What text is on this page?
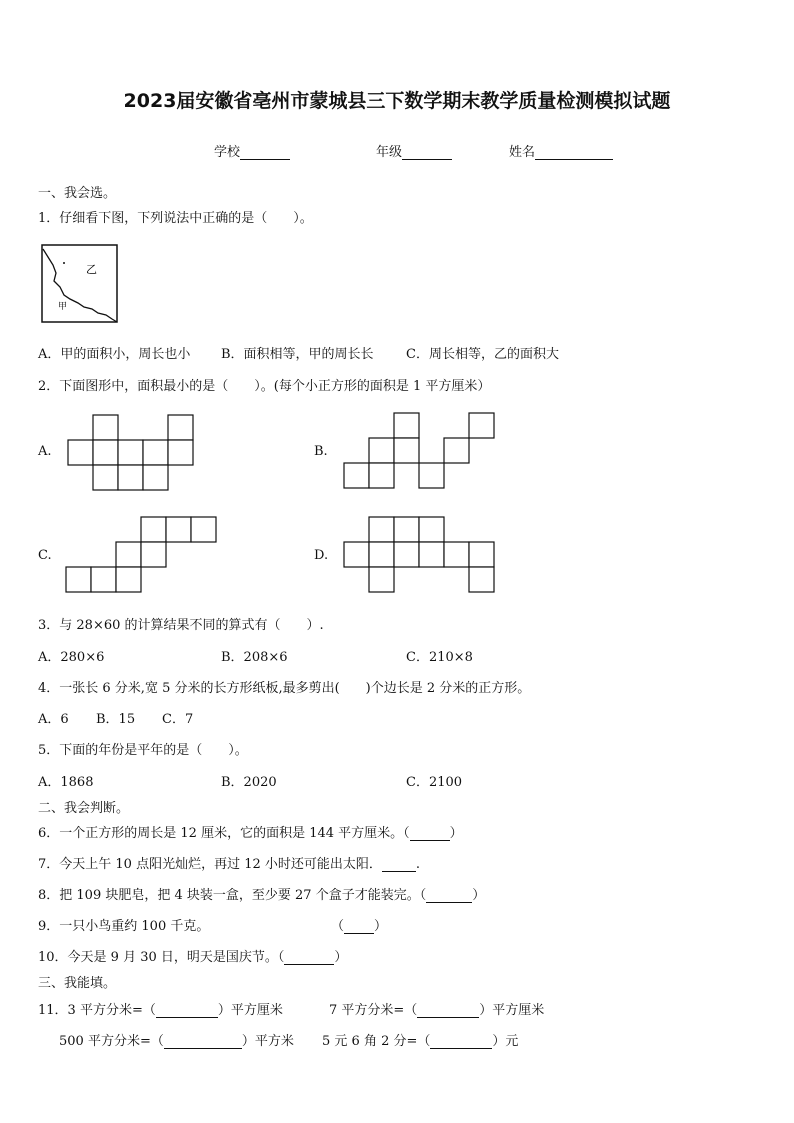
2023届安徽省亳州市蒙城县三下数学期末教学质量检测模拟试题
学校	年级	姓名
一、我会选。
1．仔细看下图，下列说法中正确的是（　　）。
乙
甲
A．甲的面积小，周长也小 B．面积相等，甲的周长长 C．周长相等，乙的面积大
2．下面图形中，面积最小的是（　　）。(每个小正方形的面积是 1 平方厘米）
A.	B.
C.	D.
3．与 28×60 的计算结果不同的算式有（　　）.
A．280×6	B．208×6	C．210×8
4．一张长 6 分米,宽 5 分米的长方形纸板,最多剪出(　　)个边长是 2 分米的正方形。
A．6 B．15 C．7
5．下面的年份是平年的是（　　）。
A．1868	B．2020	C．2100
二、我会判断。
6．一个正方形的周长是 12 厘米，它的面积是 144 平方厘米。（	）
7．今天上午 10 点阳光灿烂，再过 12 小时还可能出太阳．	.
8．把 109 块肥皂，把 4 块装一盒，至少要 27 个盒子才能装完。（	）
9．一只小鸟重约 100 千克。	（ ）
10．今天是 9 月 30 日，明天是国庆节。（	）
三、我能填。
11．3 平方分米=（	）平方厘米	7 平方分米=（	）平方厘米
500 平方分米=（	）平方米 5 元 6 角 2 分=（	）元
